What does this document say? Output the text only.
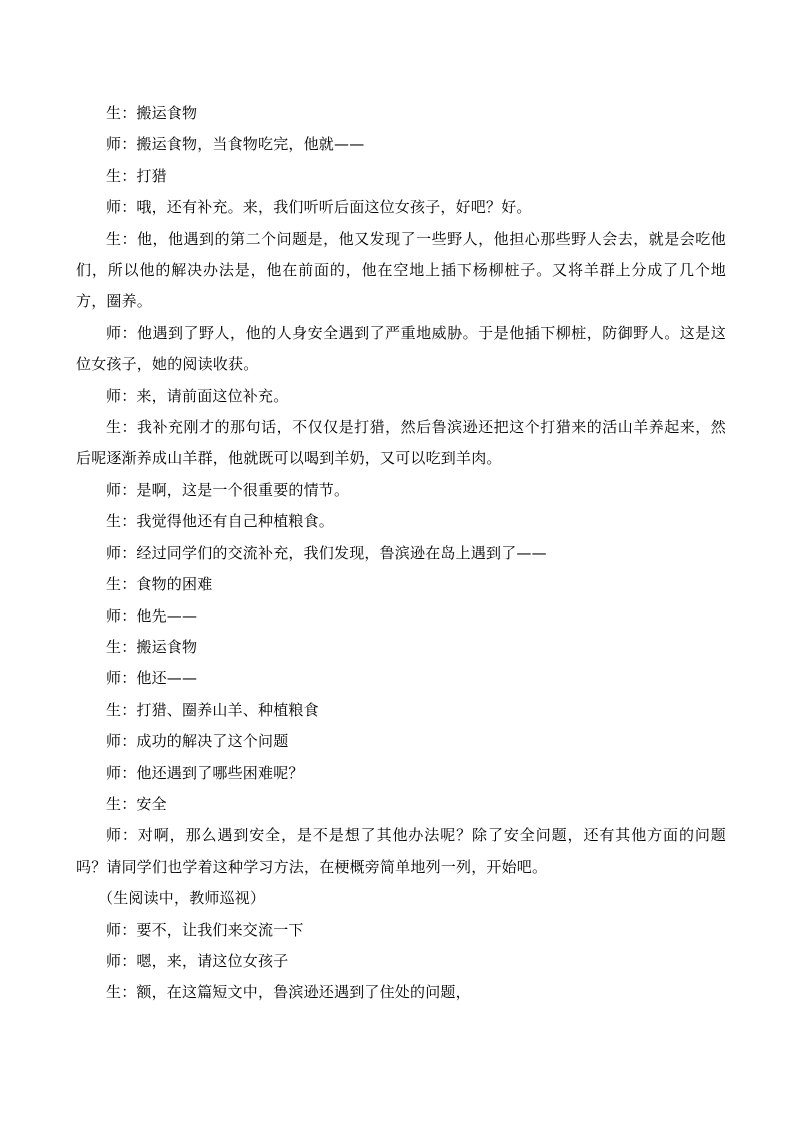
生：搬运食物

师：搬运食物，当食物吃完，他就——

生：打猎

师：哦，还有补充。来，我们听听后面这位女孩子，好吧？好。

生：他，他遇到的第二个问题是，他又发现了一些野人，他担心那些野人会去，就是会吃他们，所以他的解决办法是，他在前面的，他在空地上插下杨柳桩子。又将羊群上分成了几个地方，圈养。

师：他遇到了野人，他的人身安全遇到了严重地威胁。于是他插下柳桩，防御野人。这是这位女孩子，她的阅读收获。

师：来，请前面这位补充。

生：我补充刚才的那句话，不仅仅是打猎，然后鲁滨逊还把这个打猎来的活山羊养起来，然后呢逐渐养成山羊群，他就既可以喝到羊奶，又可以吃到羊肉。

师：是啊，这是一个很重要的情节。

生：我觉得他还有自己种植粮食。

师：经过同学们的交流补充，我们发现，鲁滨逊在岛上遇到了——

生：食物的困难

师：他先——

生：搬运食物

师：他还——

生：打猎、圈养山羊、种植粮食

师：成功的解决了这个问题

师：他还遇到了哪些困难呢？

生：安全

师：对啊，那么遇到安全，是不是想了其他办法呢？除了安全问题，还有其他方面的问题吗？请同学们也学着这种学习方法，在梗概旁简单地列一列，开始吧。

（生阅读中，教师巡视）

师：要不，让我们来交流一下

师：嗯，来，请这位女孩子

生：额，在这篇短文中，鲁滨逊还遇到了住处的问题，
